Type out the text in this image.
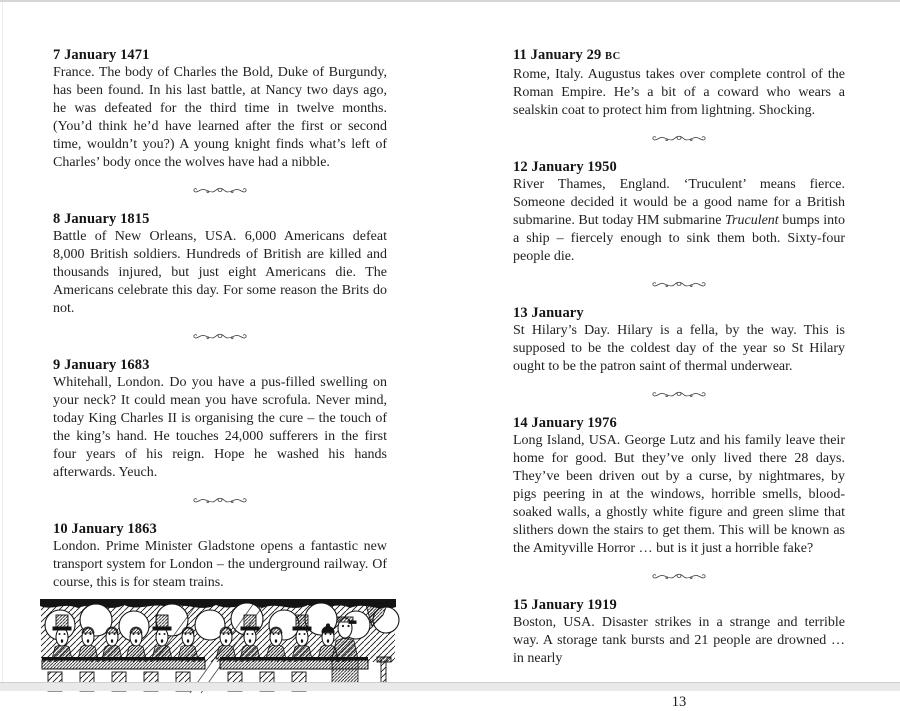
7 January 1471

France. The body of Charles the Bold, Duke of Burgundy, has been found. In his last battle, at Nancy two days ago, he was defeated for the third time in twelve months. (You’d think he’d have learned after the first or second time, wouldn’t you?) A young knight finds what’s left of Charles’ body once the wolves have had a nibble.

8 January 1815

Battle of New Orleans, USA. 6,000 Americans defeat 8,000 British soldiers. Hundreds of British are killed and thousands injured, but just eight Americans die. The Americans celebrate this day. For some reason the Brits do not.

9 January 1683

Whitehall, London. Do you have a pus-filled swelling on your neck? It could mean you have scrofula. Never mind, today King Charles II is organising the cure – the touch of the king’s hand. He touches 24,000 sufferers in the first four years of his reign. Hope he washed his hands afterwards. Yeuch.

10 January 1863

London. Prime Minister Gladstone opens a fantastic new transport system for London – the underground railway. Of course, this is for steam trains.

11 January 29 BC

Rome, Italy. Augustus takes over complete control of the Roman Empire. He’s a bit of a coward who wears a sealskin coat to protect him from lightning. Shocking.

12 January 1950

River Thames, England. ‘Truculent’ means fierce. Someone decided it would be a good name for a British submarine. But today HM submarine Truculent bumps into a ship – fiercely enough to sink them both. Sixty-four people die.

13 January

St Hilary’s Day. Hilary is a fella, by the way. This is supposed to be the coldest day of the year so St Hilary ought to be the patron saint of thermal underwear.

14 January 1976

Long Island, USA. George Lutz and his family leave their home for good. But they’ve only lived there 28 days. They’ve been driven out by a curse, by nightmares, by pigs peering in at the windows, horrible smells, blood-soaked walls, a ghostly white figure and green slime that slithers down the stairs to get them. This will be known as the Amityville Horror … but is it just a horrible fake?

15 January 1919

Boston, USA. Disaster strikes in a strange and terrible way. A storage tank bursts and 21 people are drowned … in nearly

13
